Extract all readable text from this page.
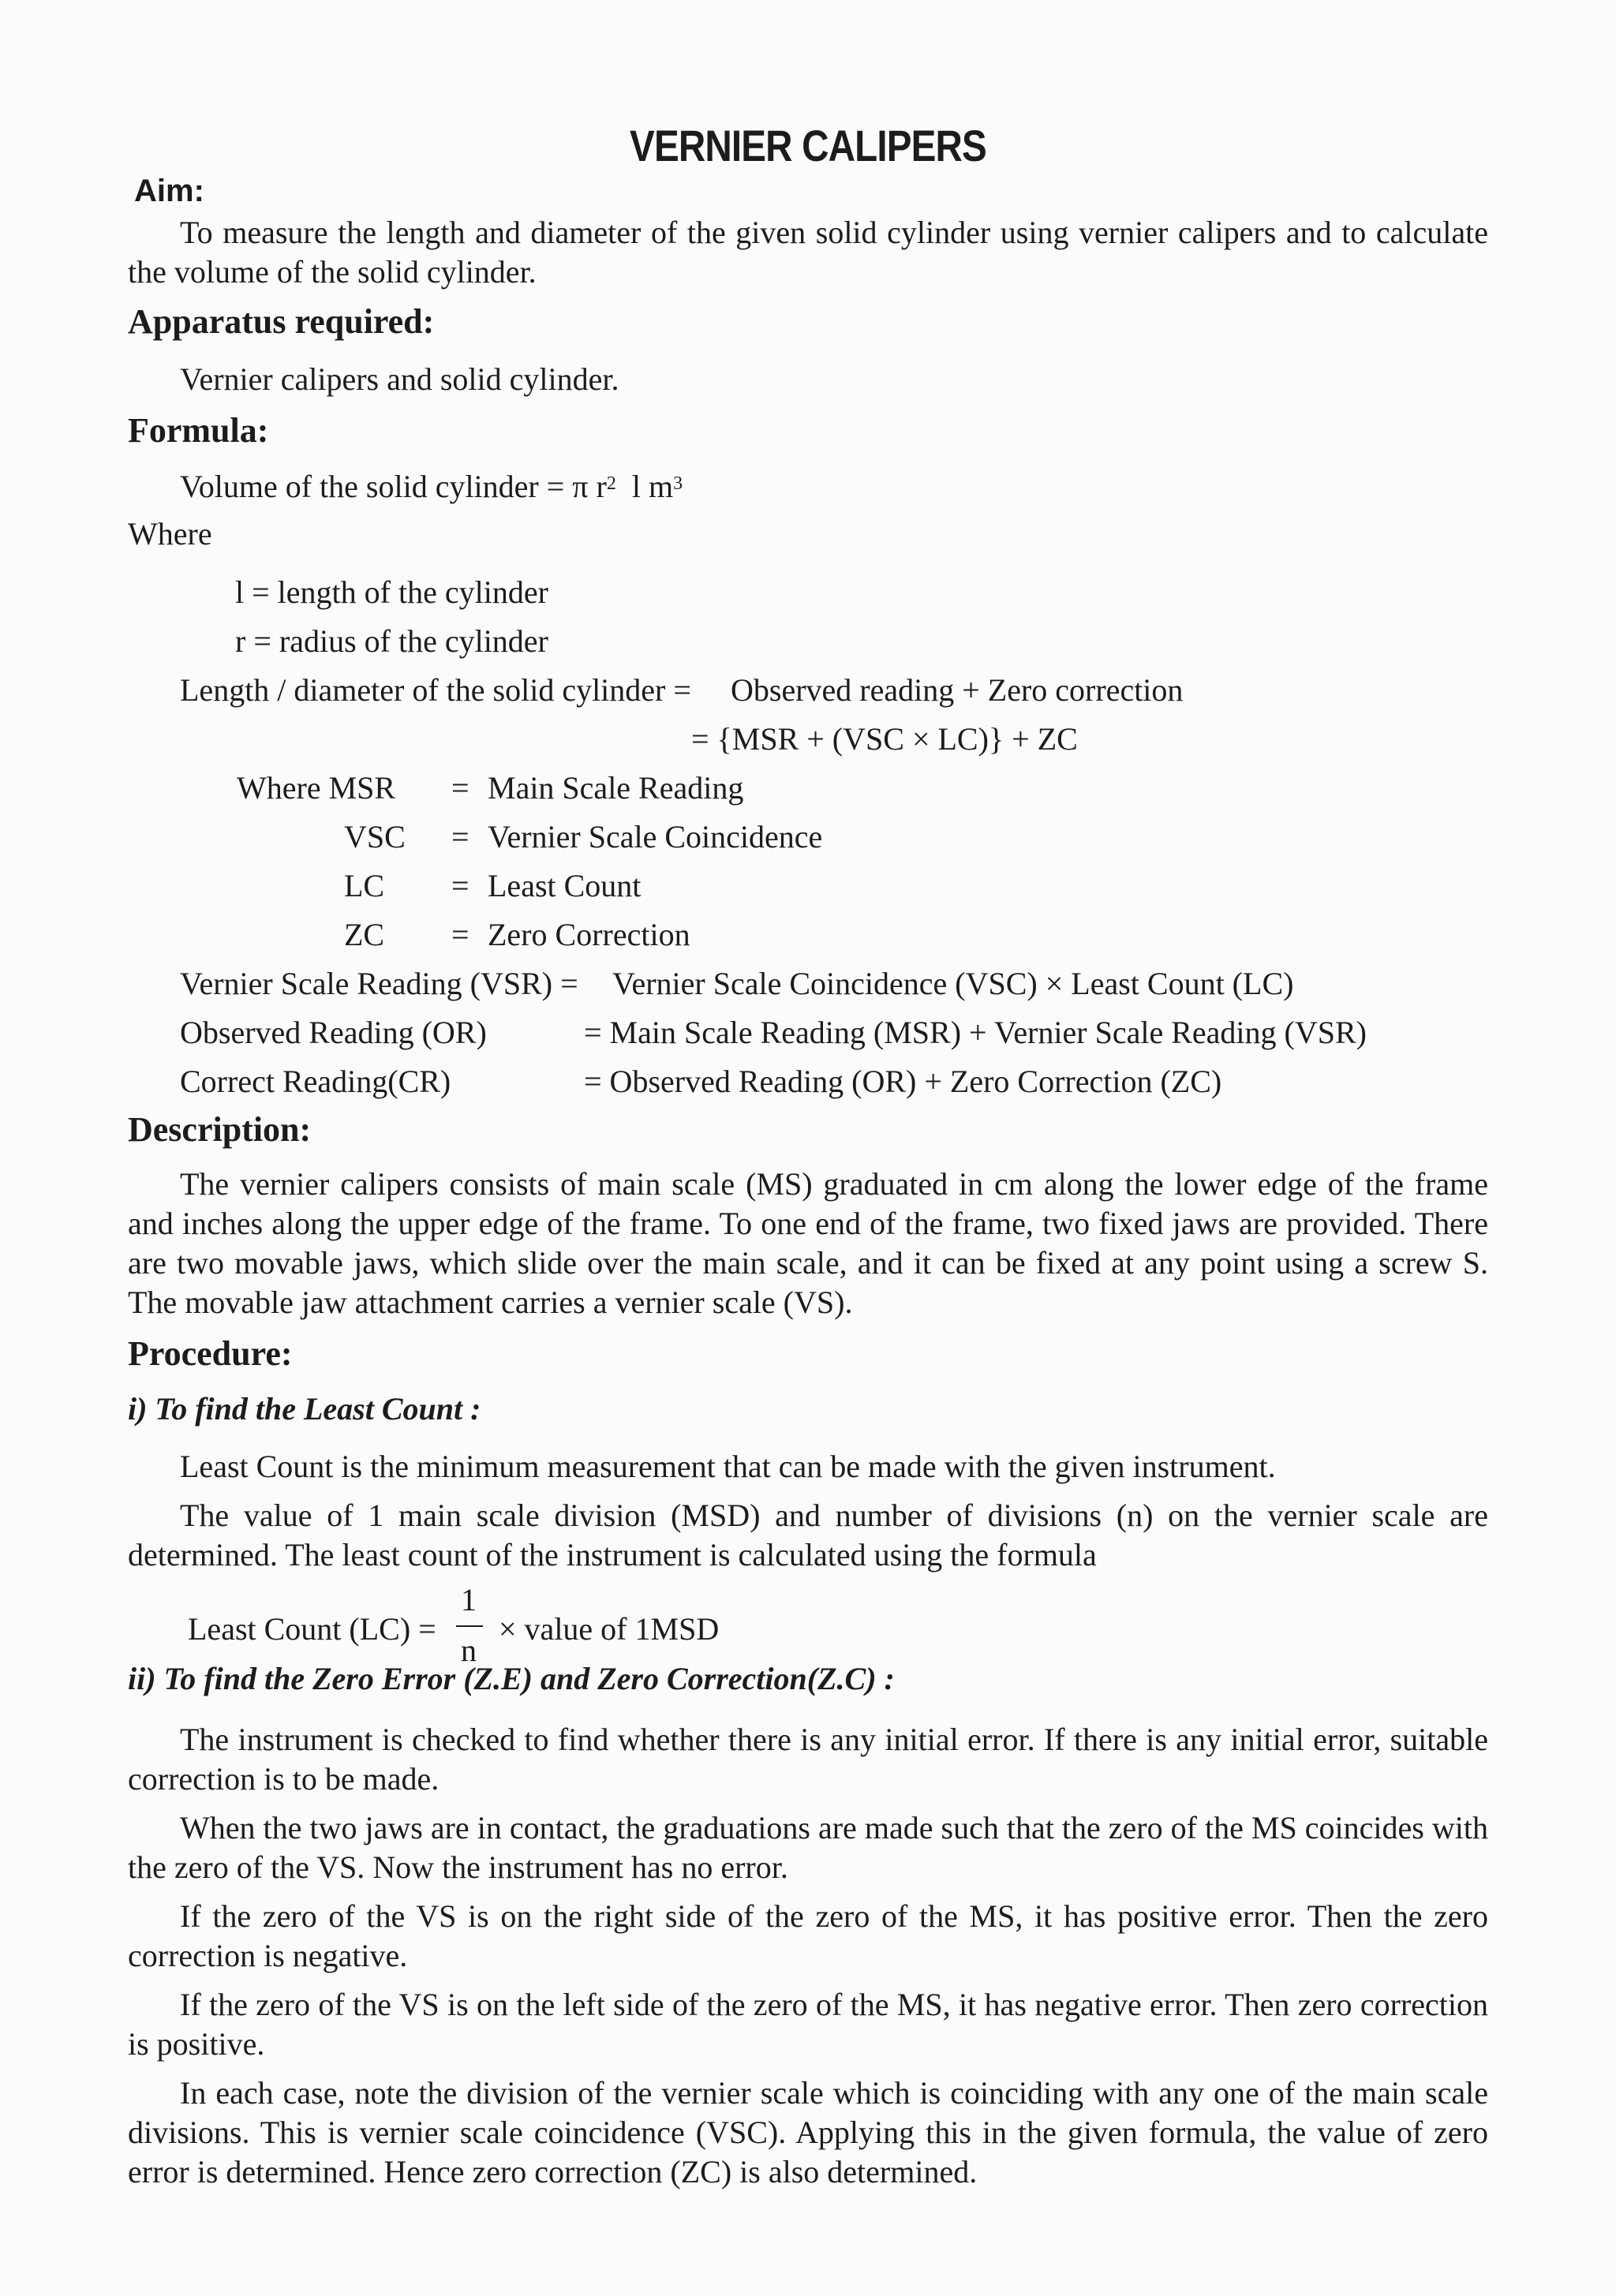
VERNIER CALIPERS
Aim:
To measure the length and diameter of the given solid cylinder using vernier calipers and to calculate the volume of the solid cylinder.
Apparatus required:
Vernier calipers and solid cylinder.
Formula:
Volume of the solid cylinder = π $r^2$  l $m^3$
Where
l = length of the cylinder
r = radius of the cylinder
Length / diameter of the solid cylinder = Observed reading + Zero correction
= {MSR + (VSC × LC)} + ZC
Where MSR = Main Scale Reading
VSC = Vernier Scale Coincidence
LC = Least Count
ZC = Zero Correction
Vernier Scale Reading (VSR) = Vernier Scale Coincidence (VSC) × Least Count (LC)
Observed Reading (OR)	= Main Scale Reading (MSR) + Vernier Scale Reading (VSR)
Correct Reading(CR)	= Observed Reading (OR) + Zero Correction (ZC)
Description:
The vernier calipers consists of main scale (MS) graduated in cm along the lower edge of the frame and inches along the upper edge of the frame. To one end of the frame, two fixed jaws are provided. There are two movable jaws, which slide over the main scale, and it can be fixed at any point using a screw S. The movable jaw attachment carries a vernier scale (VS).
Procedure:
i) To find the Least Count :
Least Count is the minimum measurement that can be made with the given instrument.
The value of 1 main scale division (MSD) and number of divisions (n) on the vernier scale are determined. The least count of the instrument is calculated using the formula
Least Count (LC) =
1
n
× value of 1MSD
ii) To find the Zero Error (Z.E) and Zero Correction(Z.C) :
The instrument is checked to find whether there is any initial error. If there is any initial error, suitable correction is to be made.
When the two jaws are in contact, the graduations are made such that the zero of the MS coincides with the zero of the VS. Now the instrument has no error.
If the zero of the VS is on the right side of the zero of the MS, it has positive error. Then the zero correction is negative.
If the zero of the VS is on the left side of the zero of the MS, it has negative error. Then zero correction is positive.
In each case, note the division of the vernier scale which is coinciding with any one of the main scale divisions. This is vernier scale coincidence (VSC). Applying this in the given formula, the value of zero error is determined. Hence zero correction (ZC) is also determined.
